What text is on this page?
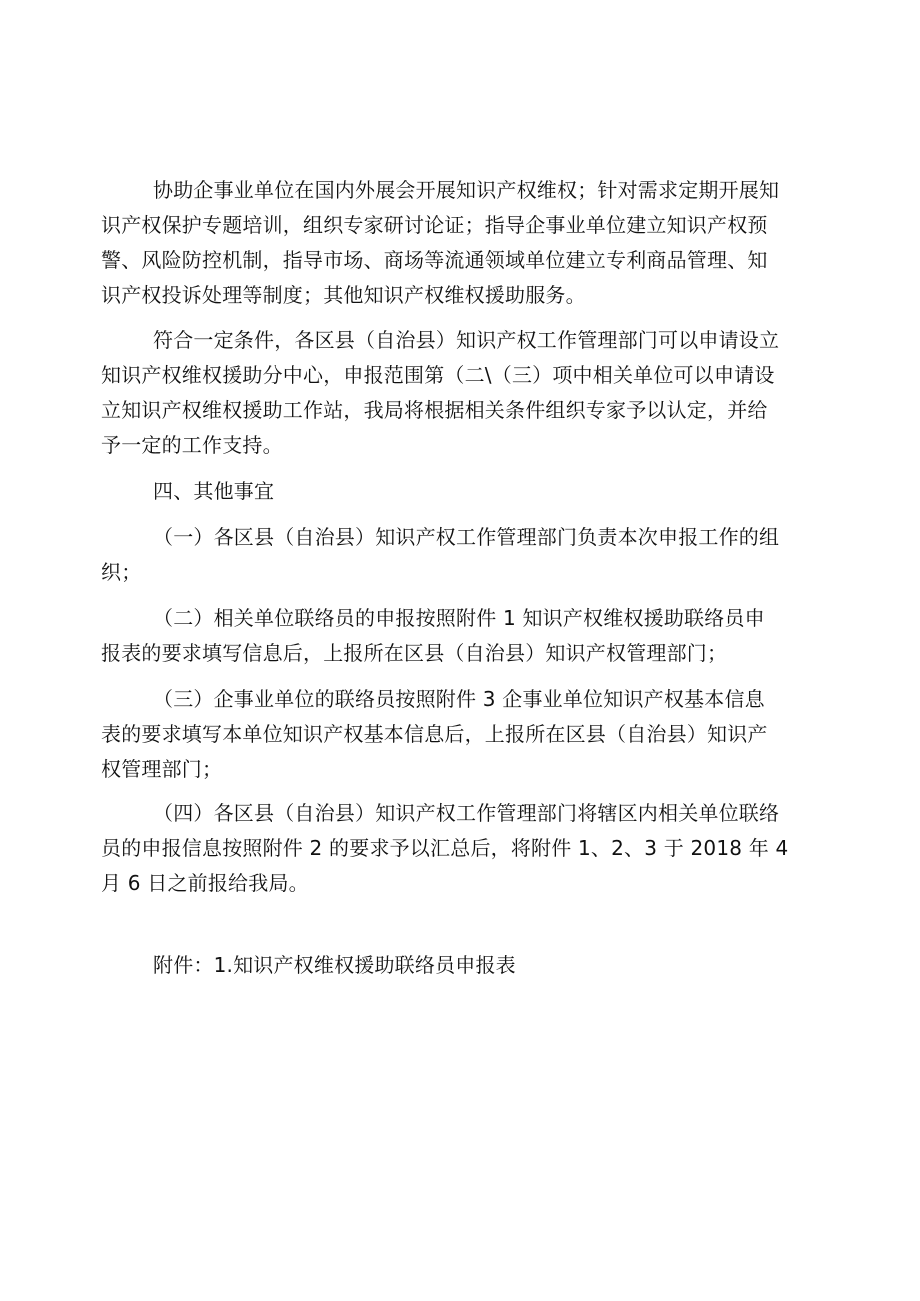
协助企事业单位在国内外展会开展知识产权维权；针对需求定期开展知
识产权保护专题培训，组织专家研讨论证；指导企事业单位建立知识产权预
警、风险防控机制，指导市场、商场等流通领域单位建立专利商品管理、知
识产权投诉处理等制度；其他知识产权维权援助服务。
符合一定条件，各区县（自治县）知识产权工作管理部门可以申请设立
知识产权维权援助分中心，申报范围第（二\（三）项中相关单位可以申请设
立知识产权维权援助工作站，我局将根据相关条件组织专家予以认定，并给
予一定的工作支持。
四、其他事宜
（一）各区县（自治县）知识产权工作管理部门负责本次申报工作的组
织；
（二）相关单位联络员的申报按照附件 1 知识产权维权援助联络员申
报表的要求填写信息后，上报所在区县（自治县）知识产权管理部门；
（三）企事业单位的联络员按照附件 3 企事业单位知识产权基本信息
表的要求填写本单位知识产权基本信息后，上报所在区县（自治县）知识产
权管理部门；
（四）各区县（自治县）知识产权工作管理部门将辖区内相关单位联络
员的申报信息按照附件 2 的要求予以汇总后，将附件 1、2、3 于 2018 年 4
月 6 日之前报给我局。
附件：1.知识产权维权援助联络员申报表
